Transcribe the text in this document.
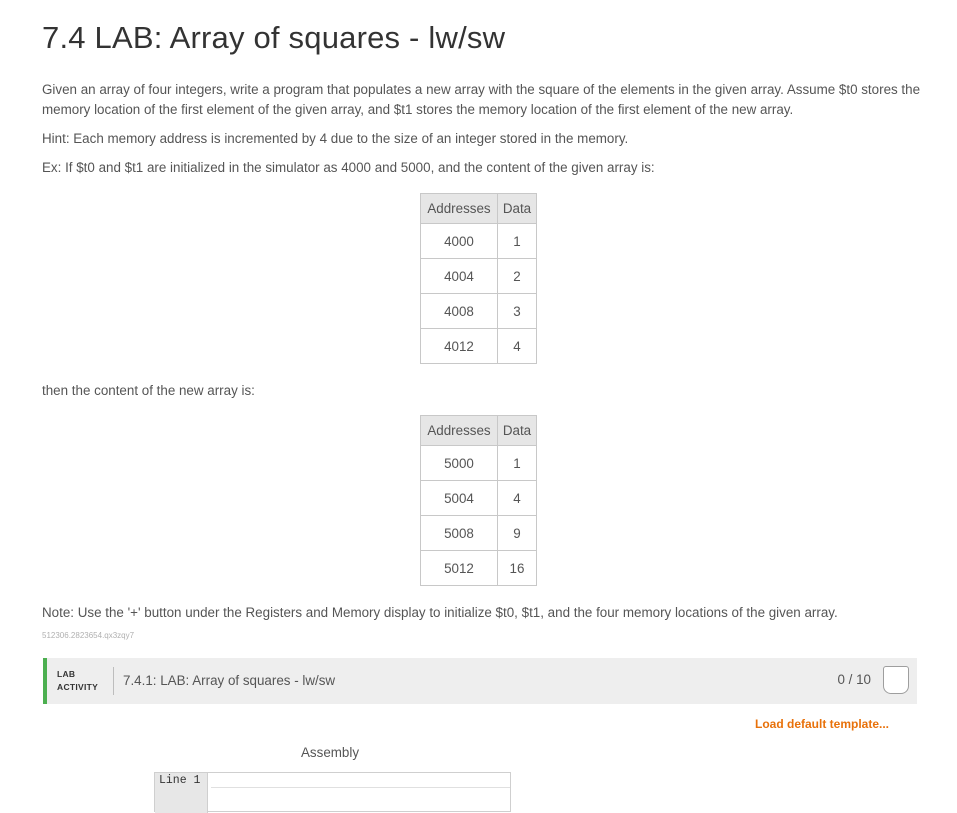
7.4 LAB: Array of squares - lw/sw

Given an array of four integers, write a program that populates a new array with the square of the elements in the given array. Assume $t0 stores the memory location of the first element of the given array, and $t1 stores the memory location of the first element of the new array.

Hint: Each memory address is incremented by 4 due to the size of an integer stored in the memory.

Ex: If $t0 and $t1 are initialized in the simulator as 4000 and 5000, and the content of the given array is:

Addresses	Data
4000	1
4004	2
4008	3
4012	4

then the content of the new array is:

Addresses	Data
5000	1
5004	4
5008	9
5012	16

Note: Use the '+' button under the Registers and Memory display to initialize $t0, $t1, and the four memory locations of the given array.

512306.2823654.qx3zqy7

LAB
ACTIVITY 7.4.1: LAB: Array of squares - lw/sw	0 / 10
Load default template...
Assembly
Line 1
